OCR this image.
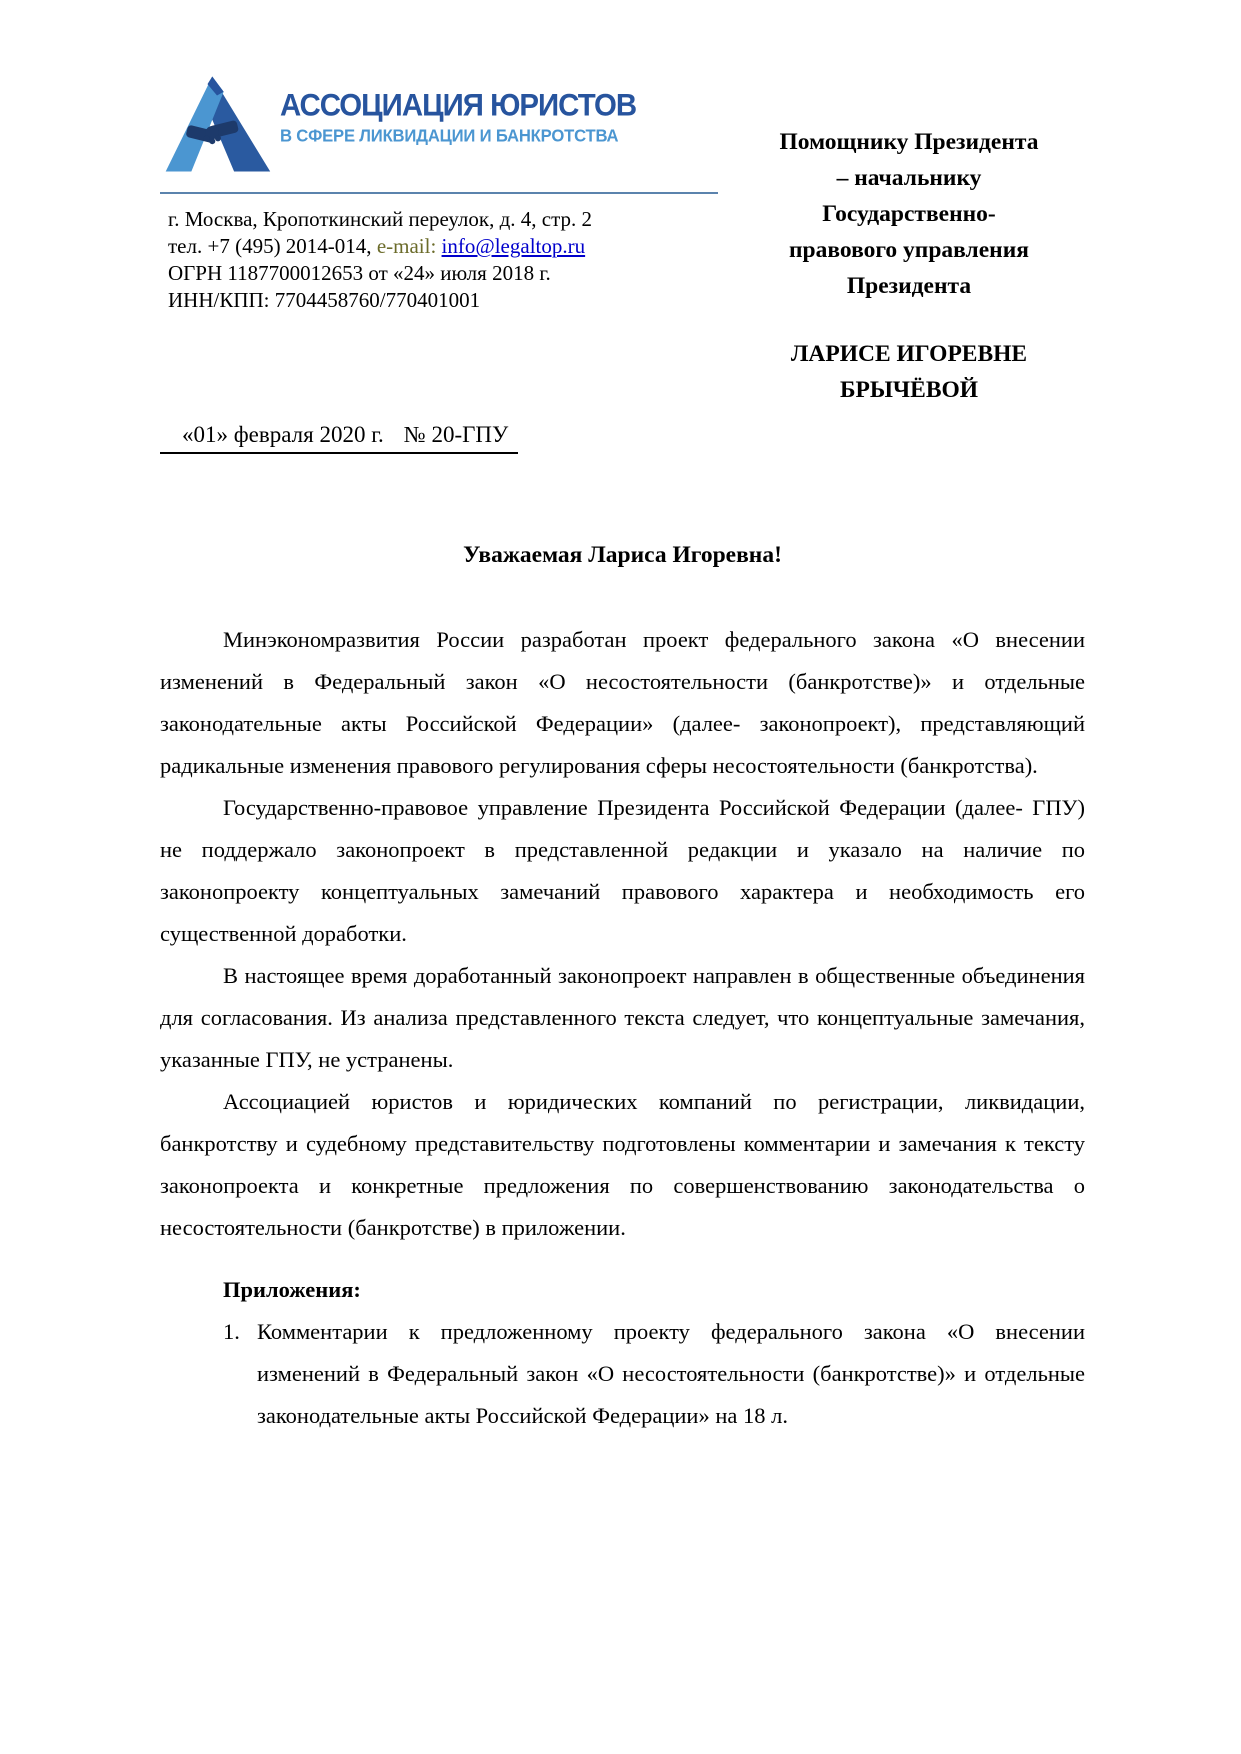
АССОЦИАЦИЯ ЮРИСТОВ
В СФЕРЕ ЛИКВИДАЦИИ И БАНКРОТСТВА
г. Москва, Кропоткинский переулок, д. 4, стр. 2
тел. +7 (495) 2014-014, e-mail: info@legaltop.ru
ОГРН 1187700012653 от «24» июля 2018 г.
ИНН/КПП: 7704458760/770401001
Помощнику Президента
– начальнику
Государственно-
правового управления
Президента
ЛАРИСЕ ИГОРЕВНЕ
БРЫЧЁВОЙ
«01» февраля 2020 г. № 20-ГПУ
Уважаемая Лариса Игоревна!

Минэкономразвития России разработан проект федерального закона «О внесении изменений в Федеральный закон «О несостоятельности (банкротстве)» и отдельные законодательные акты Российской Федерации» (далее- законопроект), представляющий радикальные изменения правового регулирования сферы несостоятельности (банкротства).

Государственно-правовое управление Президента Российской Федерации (далее- ГПУ) не поддержало законопроект в представленной редакции и указало на наличие по законопроекту концептуальных замечаний правового характера и необходимость его существенной доработки.

В настоящее время доработанный законопроект направлен в общественные объединения для согласования. Из анализа представленного текста следует, что концептуальные замечания, указанные ГПУ, не устранены.

Ассоциацией юристов и юридических компаний по регистрации, ликвидации, банкротству и судебному представительству подготовлены комментарии и замечания к тексту законопроекта и конкретные предложения по совершенствованию законодательства о несостоятельности (банкротстве) в приложении.

Приложения:
1. Комментарии к предложенному проекту федерального закона «О внесении изменений в Федеральный закон «О несостоятельности (банкротстве)» и отдельные законодательные акты Российской Федерации» на 18 л.
